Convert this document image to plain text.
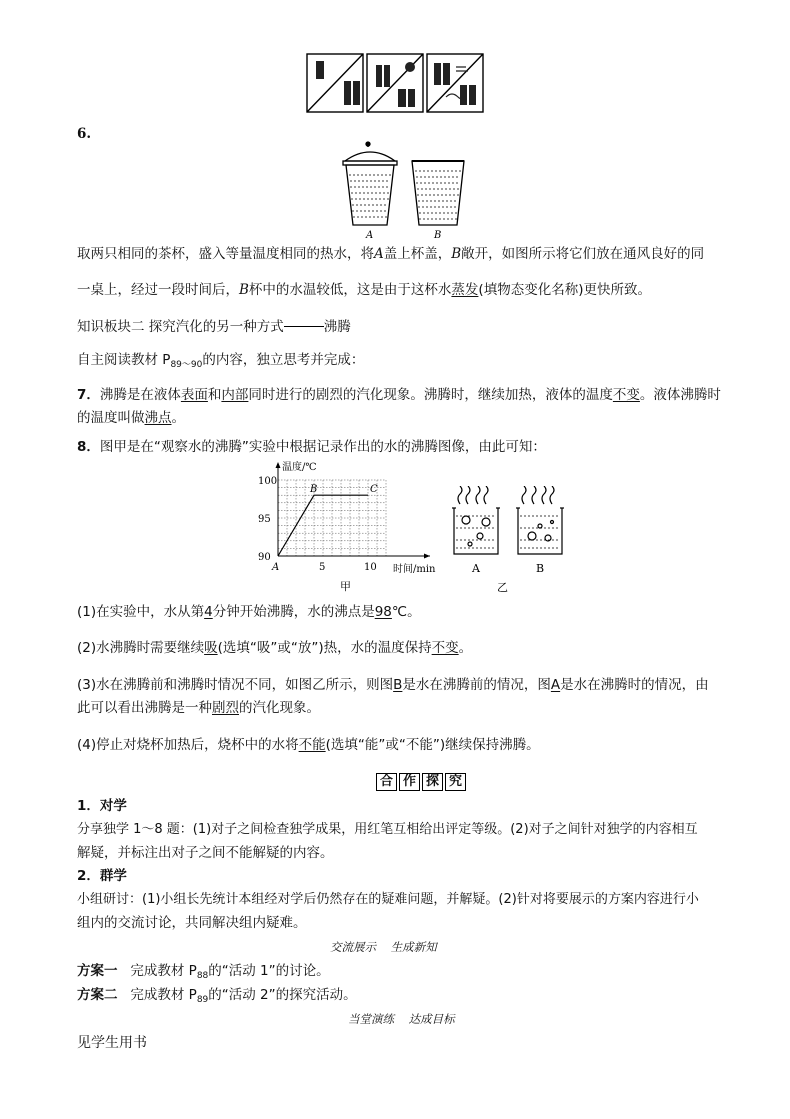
6.
A	B
取两只相同的茶杯，盛入等量温度相同的热水，将A盖上杯盖，B敞开，如图所示将它们放在通风良好的同
一桌上，经过一段时间后，B杯中的水温较低，这是由于这杯水蒸发(填物态变化名称)更快所致。
知识板块二 探究汽化的另一种方式	沸腾
自主阅读教材 $P_{89\sim 90}$的内容，独立思考并完成：
7．沸腾是在液体表面和内部同时进行的剧烈的汽化现象。沸腾时，继续加热，液体的温度不变。液体沸腾时
的温度叫做沸点。
8．图甲是在“观察水的沸腾”实验中根据记录作出的水的沸腾图像，由此可知：
90
95
100
5	10
A
B	C
温度/℃
时间/min
甲
A	B
乙
(1)在实验中，水从第4分钟开始沸腾，水的沸点是98℃。
(2)水沸腾时需要继续吸(选填“吸”或“放”)热，水的温度保持不变。
(3)水在沸腾前和沸腾时情况不同，如图乙所示，则图B是水在沸腾前的情况，图A是水在沸腾时的情况，由
此可以看出沸腾是一种剧烈的汽化现象。
(4)停止对烧杯加热后，烧杯中的水将不能(选填“能”或“不能”)继续保持沸腾。
合 作 探 究
1．对学
分享独学 1～8 题：(1)对子之间检查独学成果，用红笔互相给出评定等级。(2)对子之间针对独学的内容相互
解疑，并标注出对子之间不能解疑的内容。
2．群学
小组研讨：(1)小组长先统计本组经对学后仍然存在的疑难问题，并解疑。(2)针对将要展示的方案内容进行小
组内的交流讨论，共同解决组内疑难。
交流展示    生成新知
方案一 完成教材 $P_{88}$的“活动 1”的讨论。
方案二 完成教材 $P_{89}$的“活动 2”的探究活动。
当堂演练    达成目标
见学生用书
